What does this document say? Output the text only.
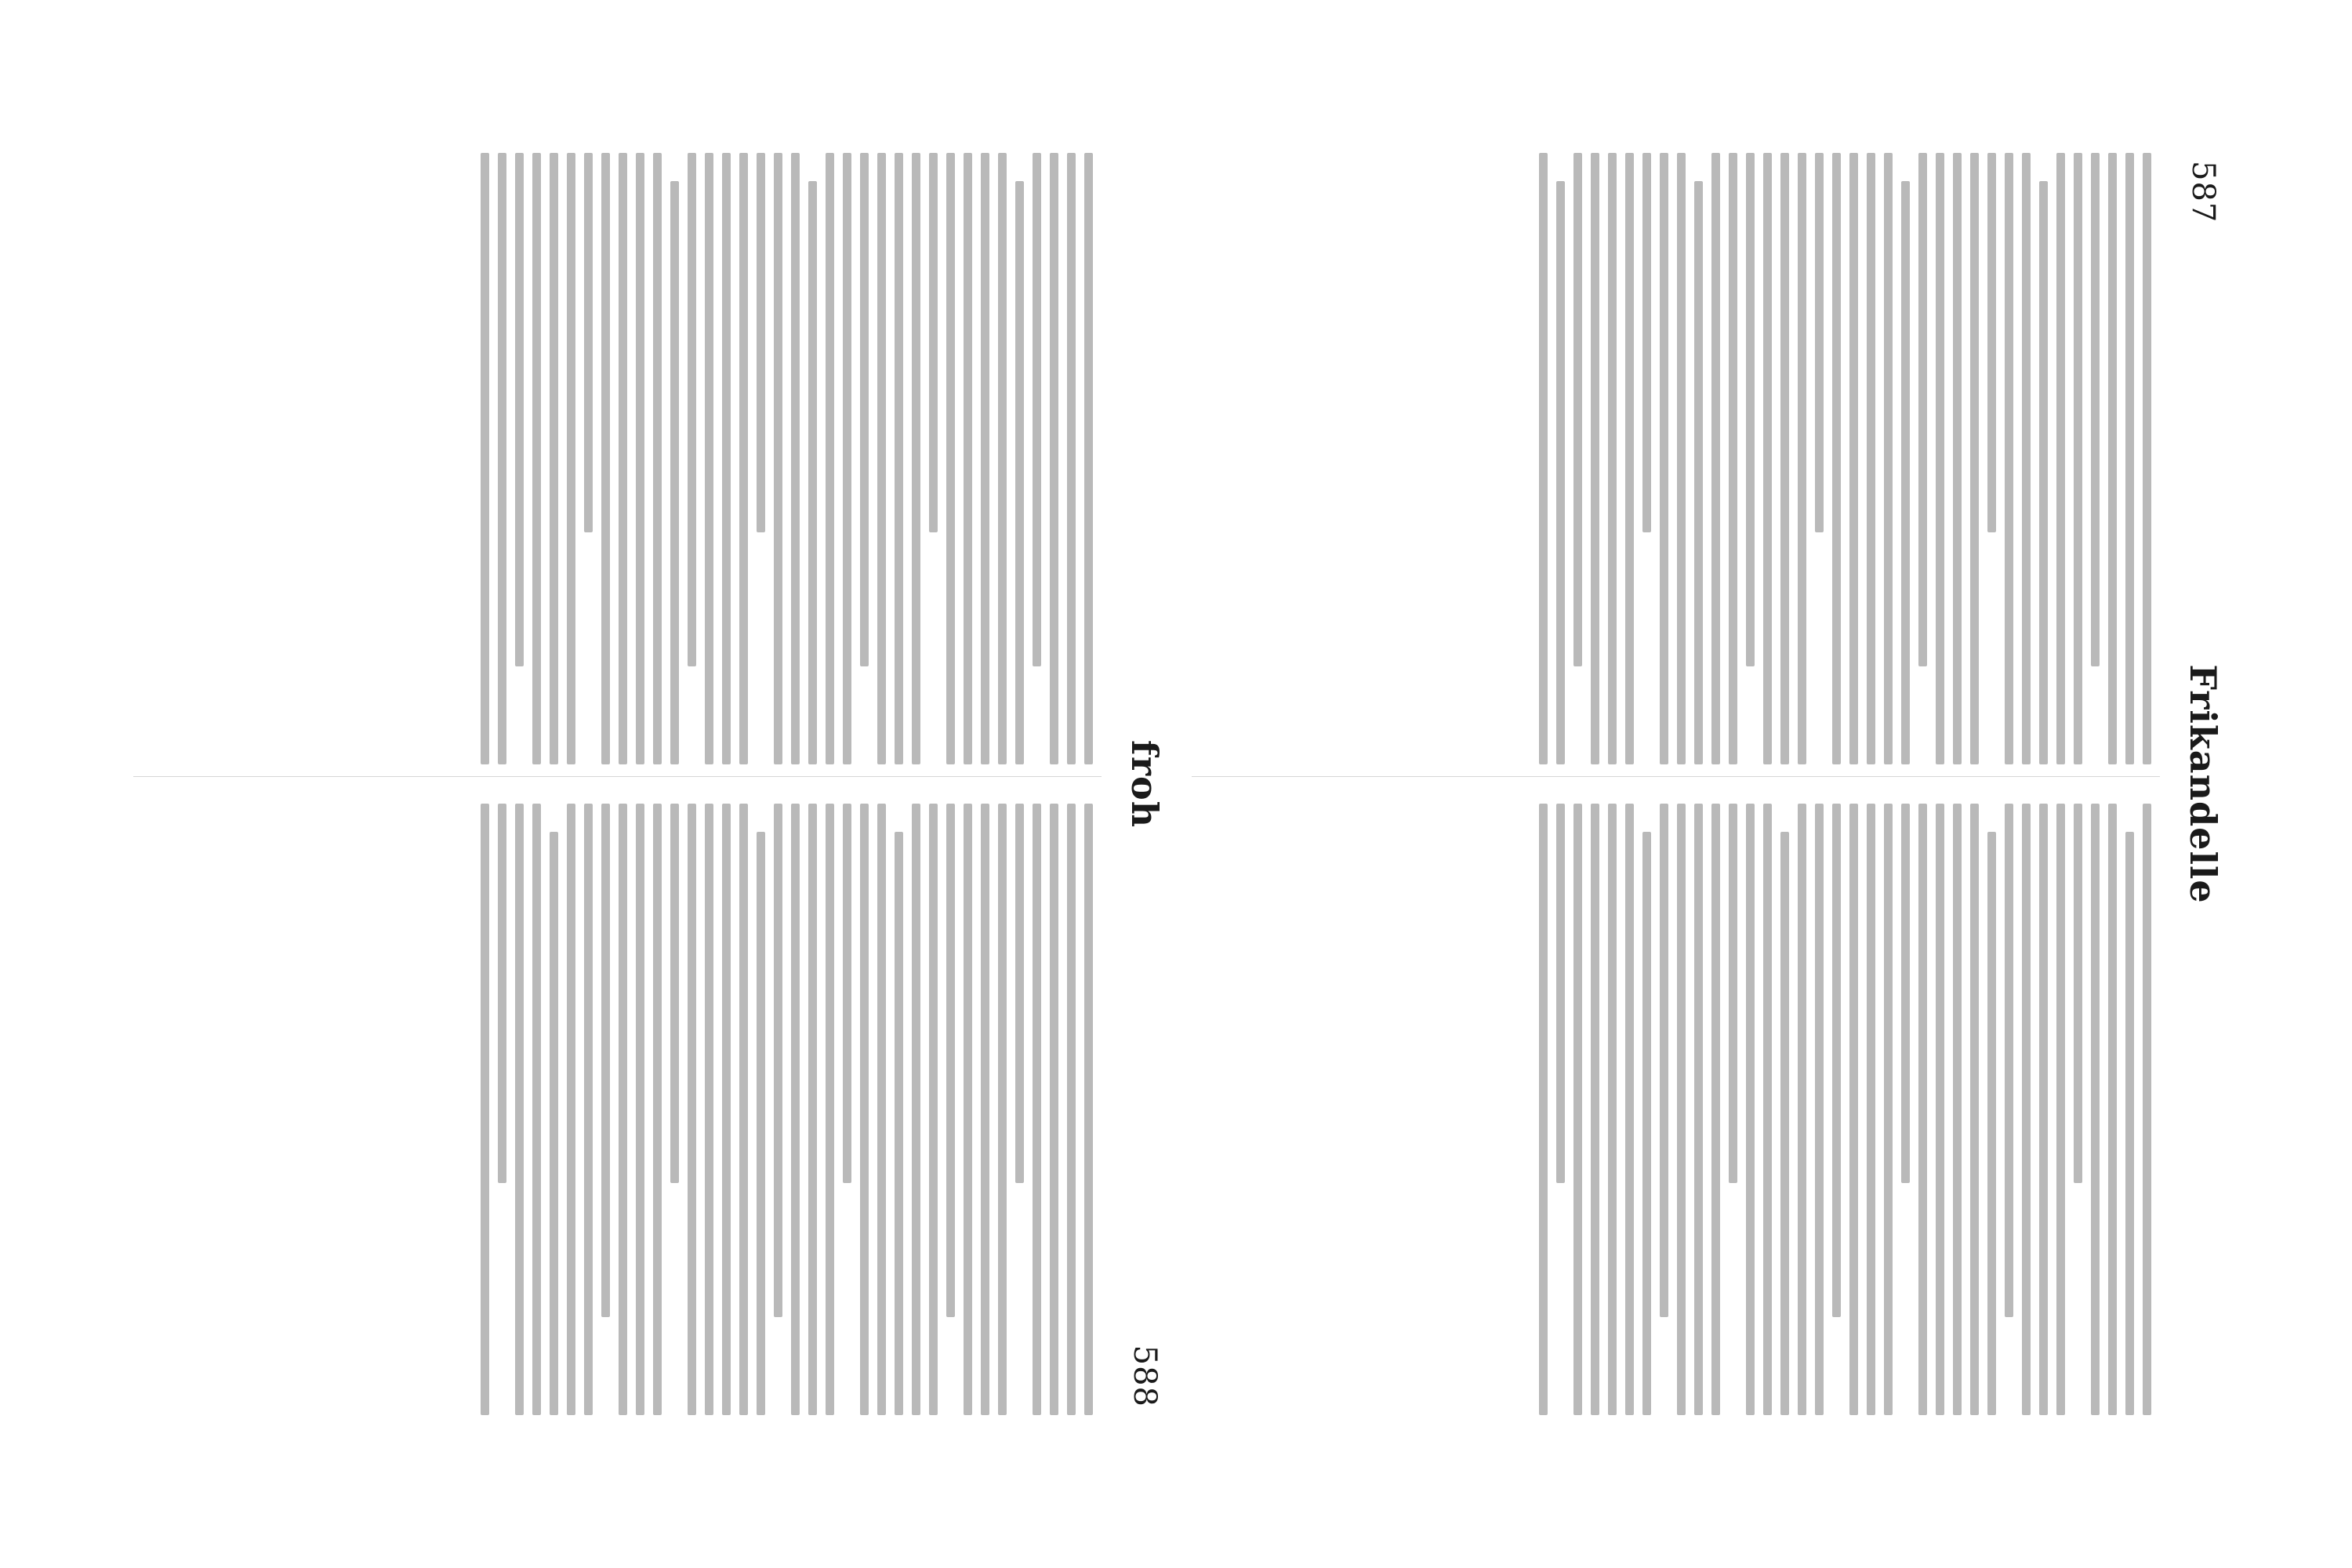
587
Frikandelle
froh
588
